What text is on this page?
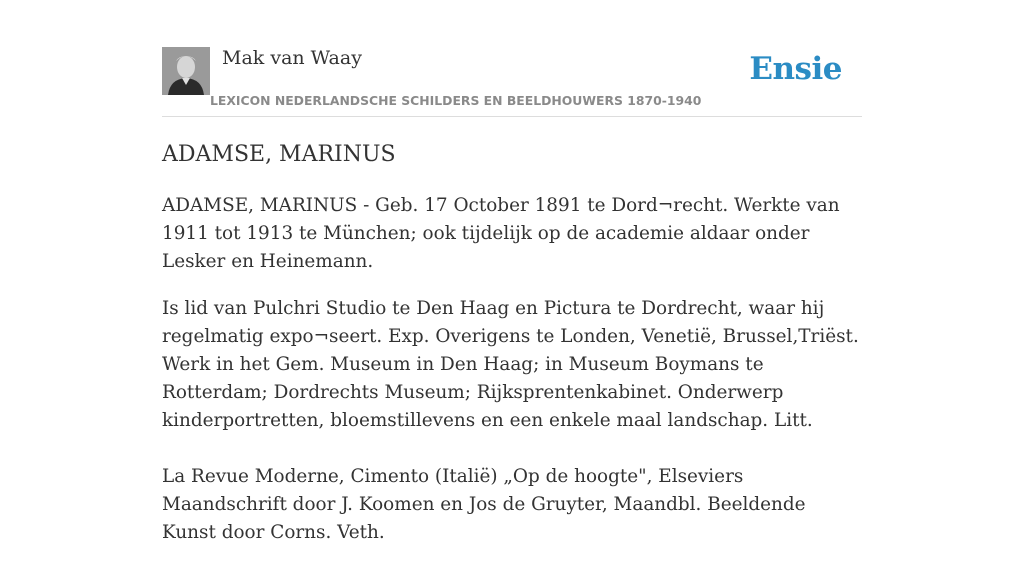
Mak van Waay
LEXICON NEDERLANDSCHE SCHILDERS EN BEELDHOUWERS 1870-1940
Ensie
ADAMSE, MARINUS

ADAMSE, MARINUS - Geb. 17 October 1891 te Dord¬recht. Werkte van 1911 tot 1913 te München; ook tijdelijk op de academie aldaar onder Lesker en Heinemann.

Is lid van Pulchri Studio te Den Haag en Pictura te Dordrecht, waar hij regelmatig expo¬seert. Exp. Overigens te Londen, Venetië, Brussel,Triëst. Werk in het Gem. Museum in Den Haag; in Museum Boymans te Rotterdam; Dordrechts Museum; Rijksprentenkabinet. Onderwerp kinderportretten, bloemstillevens en een enkele maal landschap. Litt.

La Revue Moderne, Cimento (Italië) „Op de hoogte", Elseviers Maandschrift door J. Koomen en Jos de Gruyter, Maandbl. Beeldende Kunst door Corns. Veth.
